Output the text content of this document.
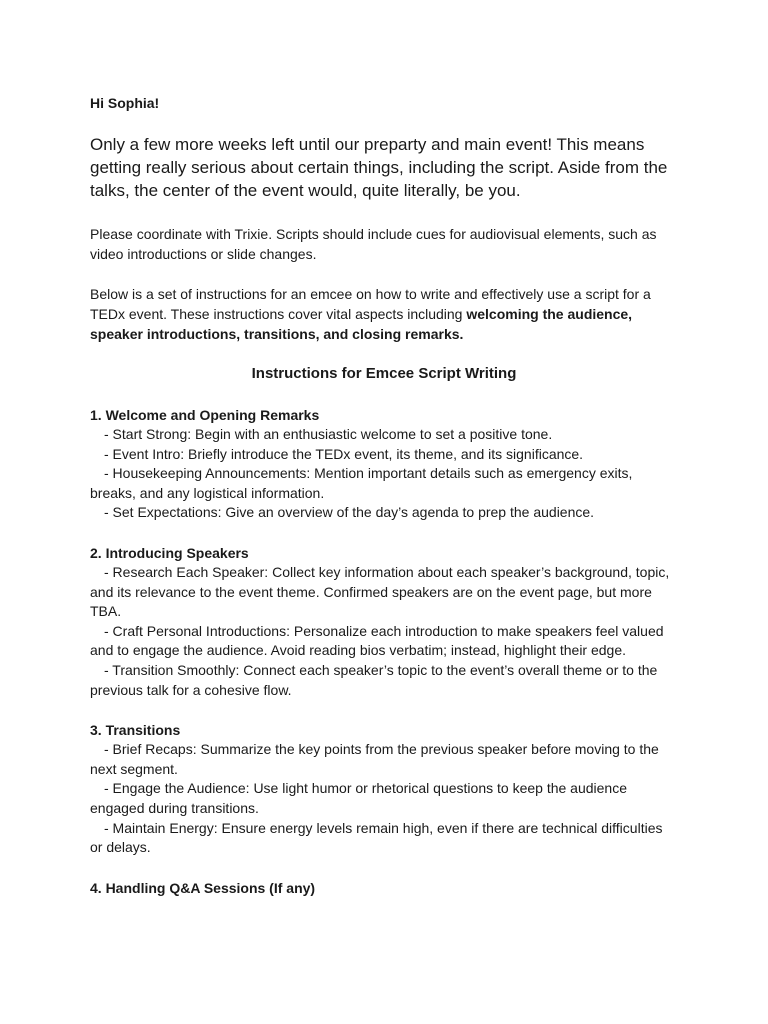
Hi Sophia!

Only a few more weeks left until our preparty and main event! This means getting really serious about certain things, including the script. Aside from the talks, the center of the event would, quite literally, be you.

Please coordinate with Trixie. Scripts should include cues for audiovisual elements, such as video introductions or slide changes.

Below is a set of instructions for an emcee on how to write and effectively use a script for a TEDx event. These instructions cover vital aspects including welcoming the audience, speaker introductions, transitions, and closing remarks.

Instructions for Emcee Script Writing

1. Welcome and Opening Remarks

- Start Strong: Begin with an enthusiastic welcome to set a positive tone.

- Event Intro: Briefly introduce the TEDx event, its theme, and its significance.

- Housekeeping Announcements: Mention important details such as emergency exits, breaks, and any logistical information.

- Set Expectations: Give an overview of the day’s agenda to prep the audience.

2. Introducing Speakers

- Research Each Speaker: Collect key information about each speaker’s background, topic, and its relevance to the event theme. Confirmed speakers are on the event page, but more TBA.

- Craft Personal Introductions: Personalize each introduction to make speakers feel valued and to engage the audience. Avoid reading bios verbatim; instead, highlight their edge.

- Transition Smoothly: Connect each speaker’s topic to the event’s overall theme or to the previous talk for a cohesive flow.

3. Transitions

- Brief Recaps: Summarize the key points from the previous speaker before moving to the next segment.

- Engage the Audience: Use light humor or rhetorical questions to keep the audience engaged during transitions.

- Maintain Energy: Ensure energy levels remain high, even if there are technical difficulties or delays.

4. Handling Q&A Sessions (If any)
